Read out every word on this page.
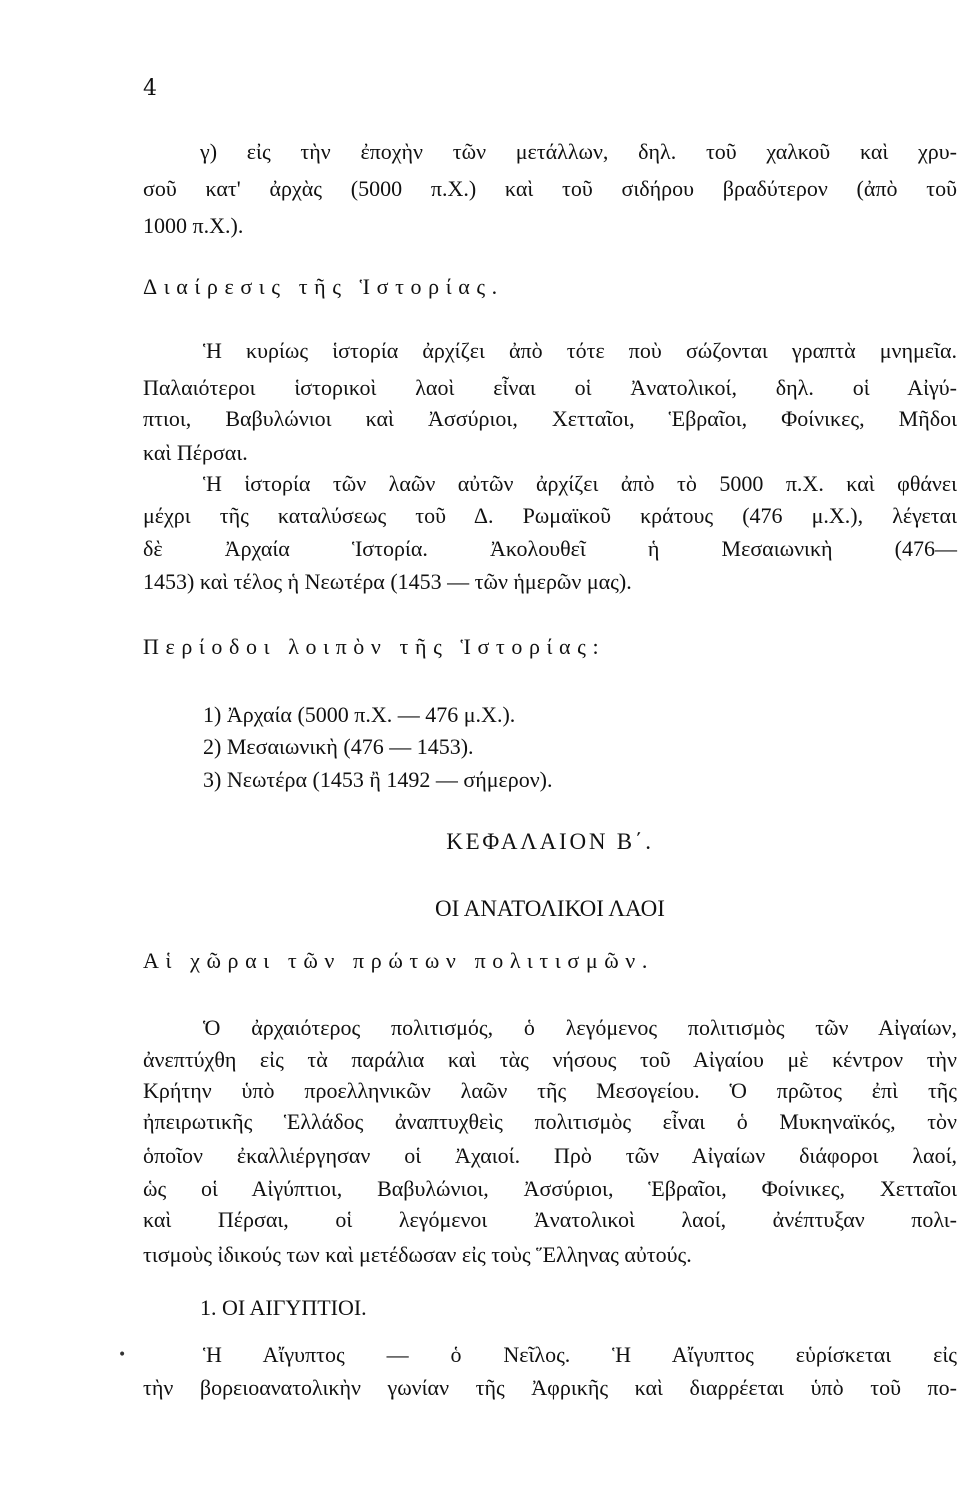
4
γ) εἰς τὴν ἐποχὴν τῶν μετάλλων, δηλ. τοῦ χαλκοῦ καὶ χρυ-
σοῦ κατ' ἀρχὰς (5000 π.Χ.) καὶ τοῦ σιδήρου βραδύτερον (ἀπὸ τοῦ
1000 π.Χ.).
Διαίρεσις τῆς Ἱστορίας.
Ἡ κυρίως ἱστορία ἀρχίζει ἀπὸ τότε ποὺ σώζονται γραπτὰ μνημεῖα.
Παλαιότεροι ἱστορικοὶ λαοὶ εἶναι οἱ Ἀνατολικοί, δηλ. οἱ Αἰγύ-
πτιοι, Βαβυλώνιοι καὶ Ἀσσύριοι, Χετταῖοι, Ἑβραῖοι, Φοίνικες, Μῆδοι
καὶ Πέρσαι.
Ἡ ἱστορία τῶν λαῶν αὐτῶν ἀρχίζει ἀπὸ τὸ 5000 π.Χ. καὶ φθάνει
μέχρι τῆς καταλύσεως τοῦ Δ. Ρωμαϊκοῦ κράτους (476 μ.Χ.), λέγεται
δὲ Ἀρχαία Ἱστορία. Ἀκολουθεῖ ἡ Μεσαιωνικὴ (476—
1453) καὶ τέλος ἡ Νεωτέρα (1453 — τῶν ἡμερῶν μας).
Περίοδοι λοιπὸν τῆς Ἱστορίας:
1) Ἀρχαία (5000 π.Χ. — 476 μ.Χ.).
2) Μεσαιωνικὴ (476 — 1453).
3) Νεωτέρα (1453 ἢ 1492 — σήμερον).
ΚΕΦΑΛΑΙΟΝ Β΄.
ΟΙ ΑΝΑΤΟΛΙΚΟΙ ΛΑΟΙ
Αἱ χῶραι τῶν πρώτων πολιτισμῶν.
Ὁ ἀρχαιότερος πολιτισμός, ὁ λεγόμενος πολιτισμὸς τῶν Αἰγαίων,
ἀνεπτύχθη εἰς τὰ παράλια καὶ τὰς νήσους τοῦ Αἰγαίου μὲ κέντρον τὴν
Κρήτην ὑπὸ προελληνικῶν λαῶν τῆς Μεσογείου. Ὁ πρῶτος ἐπὶ τῆς
ἠπειρωτικῆς Ἑλλάδος ἀναπτυχθεὶς πολιτισμὸς εἶναι ὁ Μυκηναϊκός, τὸν
ὁποῖον ἐκαλλιέργησαν οἱ Ἀχαιοί. Πρὸ τῶν Αἰγαίων διάφοροι λαοί,
ὡς οἱ Αἰγύπτιοι, Βαβυλώνιοι, Ἀσσύριοι, Ἑβραῖοι, Φοίνικες, Χετταῖοι
καὶ Πέρσαι, οἱ λεγόμενοι Ἀνατολικοὶ λαοί, ἀνέπτυξαν πολι-
τισμοὺς ἰδικούς των καὶ μετέδωσαν εἰς τοὺς Ἕλληνας αὐτούς.
1. ΟΙ ΑΙΓΥΠΤΙΟΙ.
Ἡ Αἴγυπτος — ὁ Νεῖλος. Ἡ Αἴγυπτος εὑρίσκεται εἰς
τὴν βορειοανατολικὴν γωνίαν τῆς Ἀφρικῆς καὶ διαρρέεται ὑπὸ τοῦ πο-
•
